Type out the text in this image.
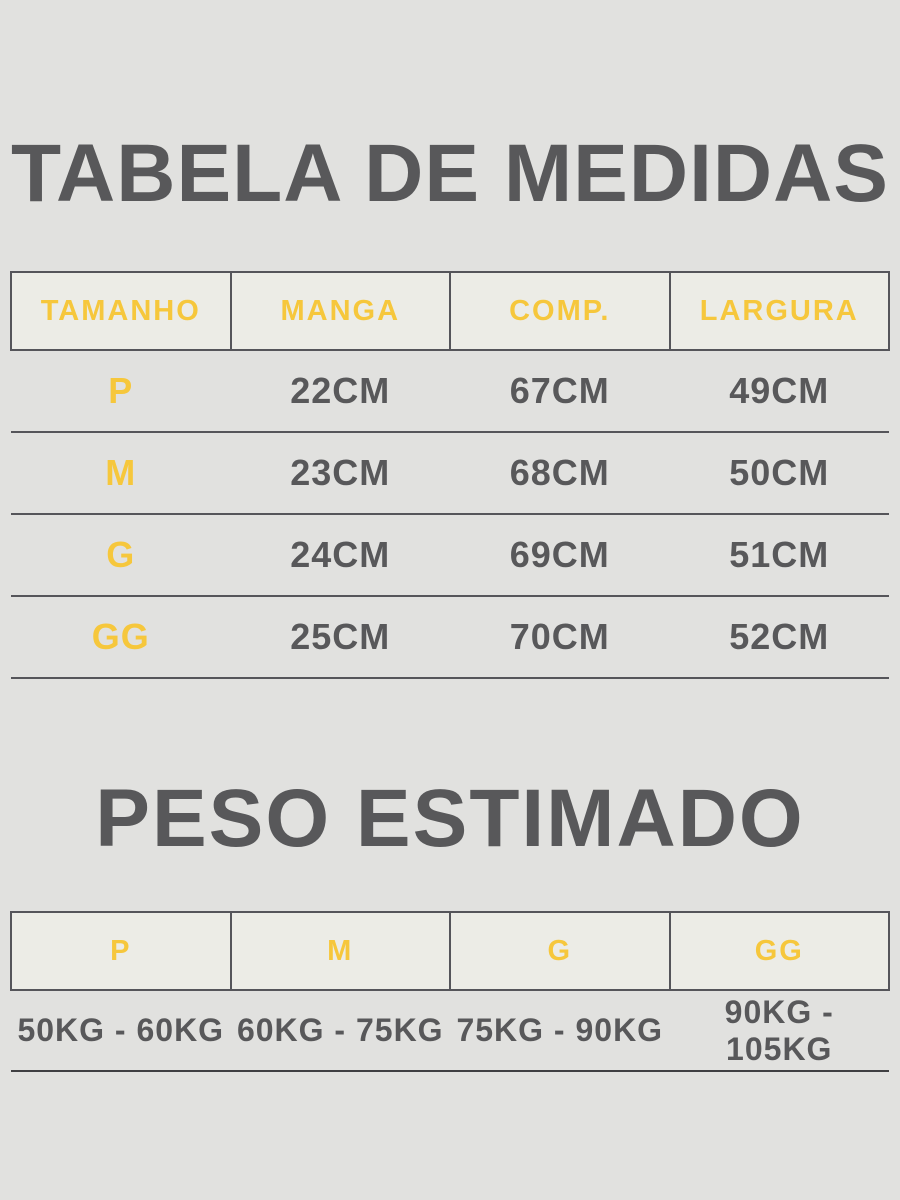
TABELA DE MEDIDAS
TAMANHO	MANGA	COMP.	LARGURA
P	22CM	67CM	49CM
M	23CM	68CM	50CM
G	24CM	69CM	51CM
GG	25CM	70CM	52CM
PESO ESTIMADO
P	M	G	GG
50KG - 60KG	60KG - 75KG	75KG - 90KG	90KG - 105KG
